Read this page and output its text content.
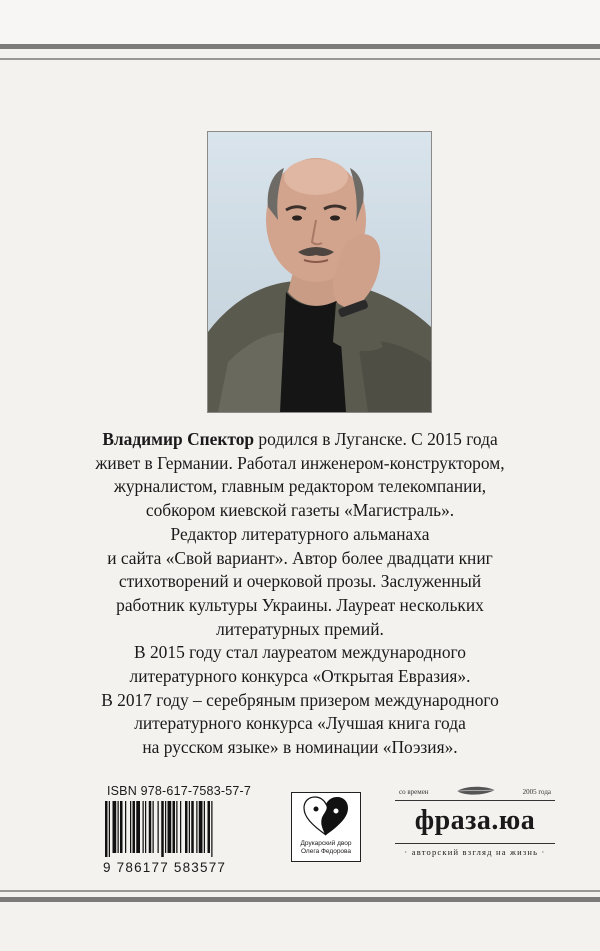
Владимир Спектор родился в Луганске. С 2015 года

живет в Германии. Работал инженером-конструктором,

журналистом, главным редактором телекомпании,

собкором киевской газеты «Магистраль».

Редактор литературного альманаха

и сайта «Свой вариант». Автор более двадцати книг

стихотворений и очерковой прозы. Заслуженный

работник культуры Украины. Лауреат нескольких

литературных премий.

В 2015 году стал лауреатом международного

литературного конкурса «Открытая Евразия».

В 2017 году – серебряным призером международного

литературного конкурса «Лучшая книга года

на русском языке» в номинации «Поэзия».

ISBN 978-617-7583-57-7
9 786177 583577
Друкарский двор
Олега Федорова
со времен	2005 года
фраза.юа
· авторский взгляд на жизнь ·
